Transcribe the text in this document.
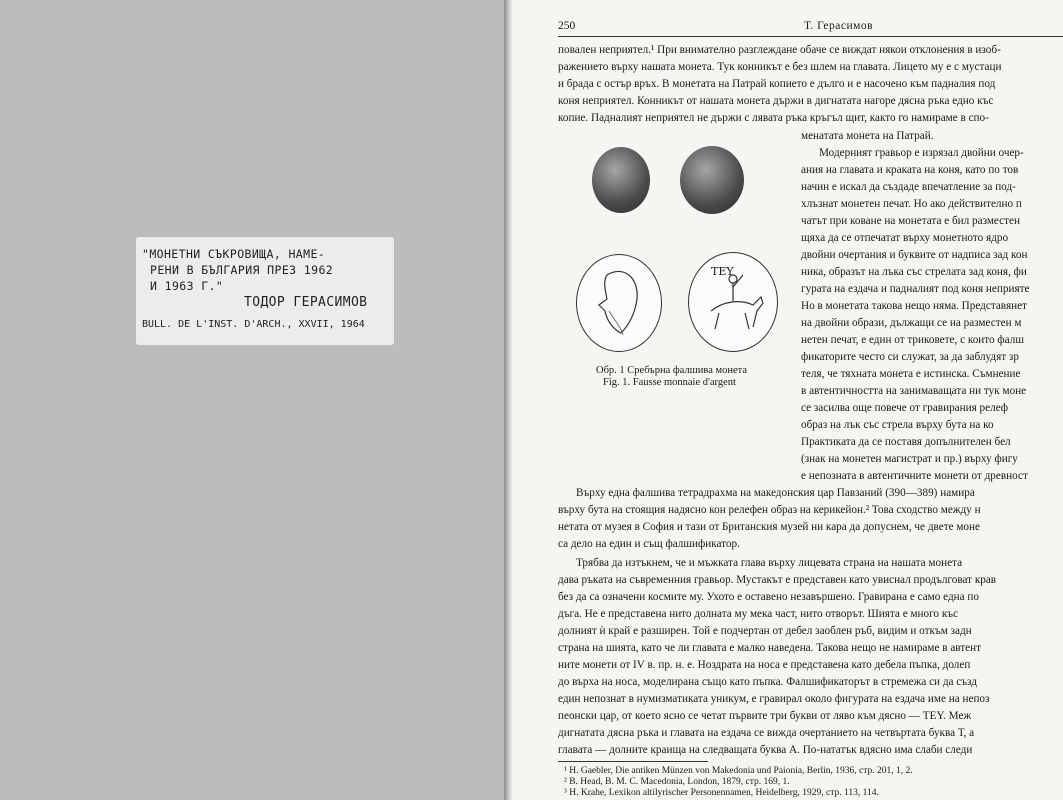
"МОНЕТНИ СЪКРОВИЩА, НАМЕ-
РЕНИ В БЪЛГАРИЯ ПРЕЗ 1962
И 1963 Г."
ТОДОР ГЕРАСИМОВ
BULL. DE L'INST. D'ARCH., XXVII, 1964
250	Т. Герасимов
повален неприятел.¹ При внимателно разглеждане обаче се виждат някои отклонения в изоб-
ражението върху нашата монета. Тук конникът е без шлем на главата. Лицето му е с мустаци
и брада с остър връх. В монетата на Патрай копието е дълго и е насочено към падналия под
коня неприятел. Конникът от нашата монета държи в дигнатата нагоре дясна ръка едно къс
копие. Падналият неприятел не държи с лявата ръка кръгъл щит, както го намираме в спо-
ΤΕΥ
Обр. 1 Сребърна фалшива монета
Fig. 1. Fausse monnaie d'argent
менатата монета на Патрай.
Модерният гравьор е изрязал двойни очер-
ания на главата и краката на коня, като по тов
начин е искал да създаде впечатление за под-
хлъзнат монетен печат. Но ако действително п
чатът при коване на монетата е бил разместен
щяха да се отпечатат върху монетното ядро
двойни очертания и буквите от надписа зад кон
ника, образът на лъка със стрелата зад коня, фи
гурата на ездача и падналият под коня неприяте
Но в монетата такова нещо няма. Представянет
на двойни образи, дължащи се на разместен м
нетен печат, е един от триковете, с които фалш
фикаторите често си служат, за да заблудят зр
теля, че тяхната монета е истинска. Съмнение
в автентичността на занимаващата ни тук моне
се засилва още повече от гравирания релеф
образ на лък със стрела върху бута на ко
Практиката да се поставя допълнителен бел
(знак на монетен магистрат и пр.) върху фигу
е непозната в автентичните монети от древност
Върху една фалшива тетрадрахма на македонския цар Павзаний (390—389) намира
върху бута на стоящия надясно кон релефен образ на керикейон.² Това сходство между н
нетата от музея в София и тази от Британския музей ни кара да допуснем, че двете моне
са дело на един и същ фалшификатор.
Трябва да изтъкнем, че и мъжката глава върху лицевата страна на нашата монета
дава ръката на съвременния гравьор. Мустакът е представен като увиснал продълговат крав
без да са означени космите му. Ухото е оставено незавършено. Гравирана е само една по
дъга. Не е представена нито долната му мека част, нито отворът. Шията е много къс
долният ѝ край е разширен. Той е подчертан от дебел заоблен ръб, видим и откъм задн
страна на шията, като че ли главата е малко наведена. Такова нещо не намираме в автент
ните монети от IV в. пр. н. е. Ноздрата на носа е представена като дебела пъпка, долеп
до върха на носа, моделирана също като пъпка. Фалшификаторът в стремежа си да създ
един непознат в нумизматиката уникум, е гравирал около фигурата на ездача име на непоз
пеонски цар, от което ясно се четат първите три букви от ляво към дясно — ТЕY. Меж
дигнатата дясна ръка и главата на ездача се вижда очертанието на четвъртата буква Т, а
главата — долните краища на следващата буква А. По-нататък вдясно има слаби следи
¹ H. Gaebler, Die antiken Münzen von Makedonia und Paionia, Berlin, 1936, стр. 201, 1, 2.
² B. Head, B. M. C. Macedonia, London, 1879, стр. 169, 1.
³ H. Krahe, Lexikon altilyrischer Personennamen, Heidelberg, 1929, стр. 113, 114.
